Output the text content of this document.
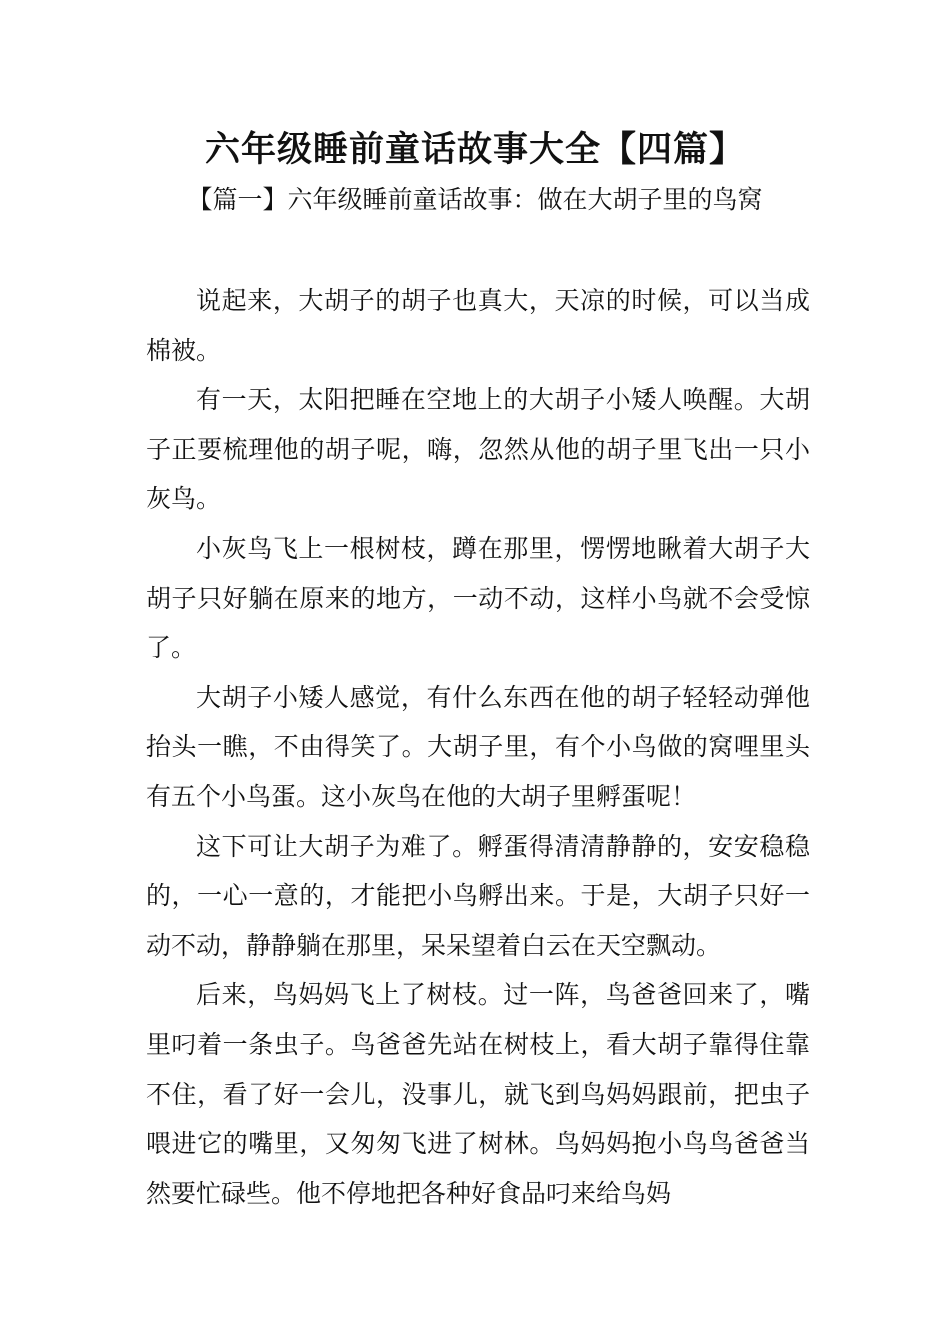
六年级睡前童话故事大全【四篇】
【篇一】六年级睡前童话故事：做在大胡子里的鸟窝

说起来，大胡子的胡子也真大，天凉的时候，可以当成棉被。

有一天，太阳把睡在空地上的大胡子小矮人唤醒。大胡子正要梳理他的胡子呢，嗨，忽然从他的胡子里飞出一只小灰鸟。

小灰鸟飞上一根树枝，蹲在那里，愣愣地瞅着大胡子大胡子只好躺在原来的地方，一动不动，这样小鸟就不会受惊了。

大胡子小矮人感觉，有什么东西在他的胡子轻轻动弹他抬头一瞧，不由得笑了。大胡子里，有个小鸟做的窝哩里头有五个小鸟蛋。这小灰鸟在他的大胡子里孵蛋呢！

这下可让大胡子为难了。孵蛋得清清静静的，安安稳稳的，一心一意的，才能把小鸟孵出来。于是，大胡子只好一动不动，静静躺在那里，呆呆望着白云在天空飘动。

后来，鸟妈妈飞上了树枝。过一阵，鸟爸爸回来了，嘴里叼着一条虫子。鸟爸爸先站在树枝上，看大胡子靠得住靠不住，看了好一会儿，没事儿，就飞到鸟妈妈跟前，把虫子喂进它的嘴里，又匆匆飞进了树林。鸟妈妈抱小鸟鸟爸爸当然要忙碌些。他不停地把各种好食品叼来给鸟妈
